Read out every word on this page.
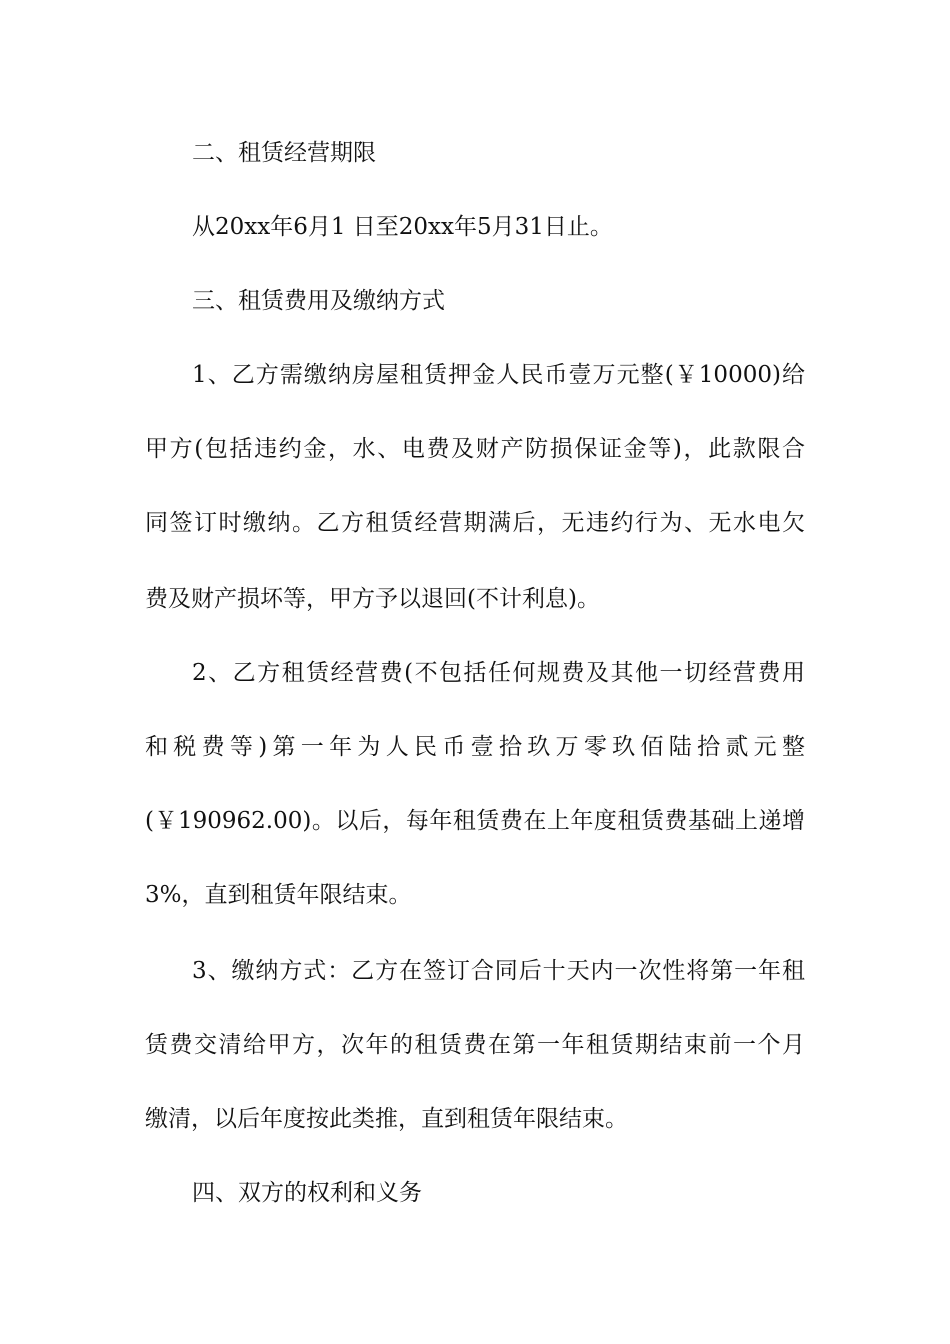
二、租赁经营期限
从20xx年6月1 日至20xx年5月31日止。
三、租赁费用及缴纳方式
1、乙方需缴纳房屋租赁押金人民币壹万元整(￥10000)给
甲方(包括违约金，水、电费及财产防损保证金等)，此款限合
同签订时缴纳。乙方租赁经营期满后，无违约行为、无水电欠
费及财产损坏等，甲方予以退回(不计利息)。
2、乙方租赁经营费(不包括任何规费及其他一切经营费用
和税费等)第一年为人民币壹拾玖万零玖佰陆拾贰元整
(￥190962.00)。以后，每年租赁费在上年度租赁费基础上递增
3%，直到租赁年限结束。
3、缴纳方式：乙方在签订合同后十天内一次性将第一年租
赁费交清给甲方，次年的租赁费在第一年租赁期结束前一个月
缴清，以后年度按此类推，直到租赁年限结束。
四、双方的权利和义务
